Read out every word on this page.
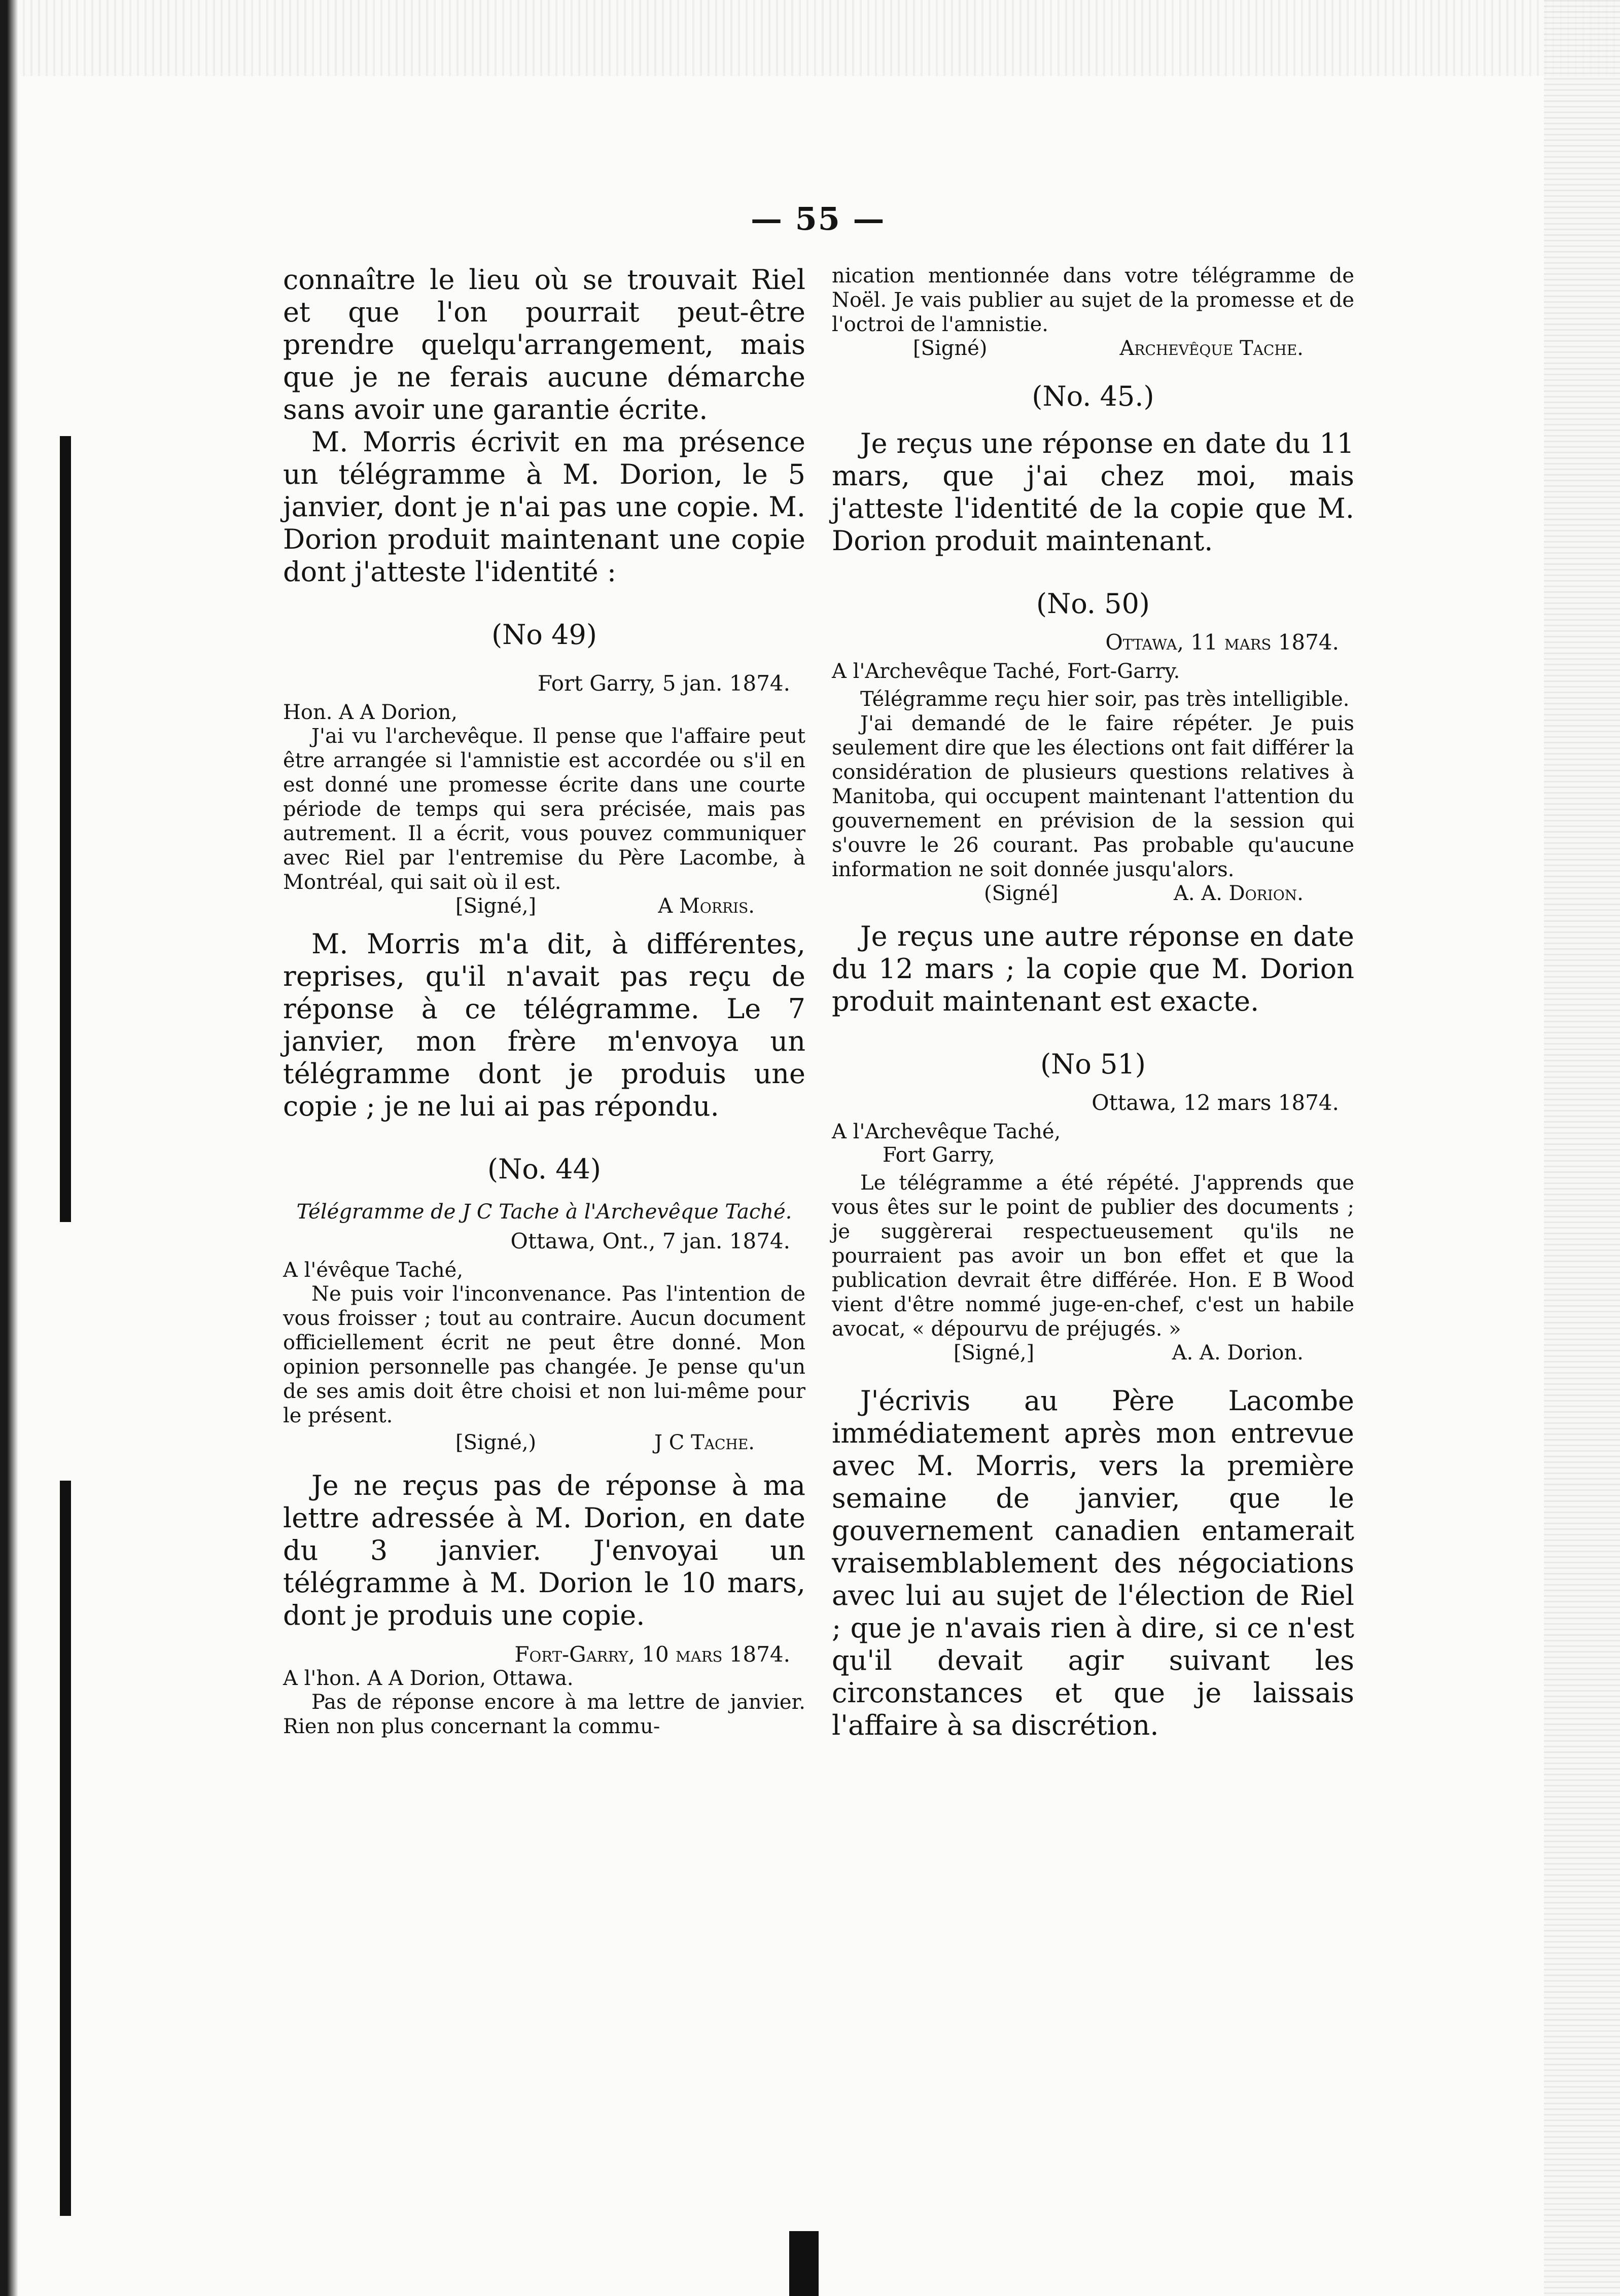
— 55 —

connaître le lieu où se trouvait Riel et que l'on pourrait peut-être prendre quelqu'arrangement, mais que je ne ferais aucune démarche sans avoir une garantie écrite.

M. Morris écrivit en ma présence un télégramme à M. Dorion, le 5 janvier, dont je n'ai pas une copie. M. Dorion produit maintenant une copie dont j'atteste l'identité :

(No 49)

Fort Garry, 5 jan. 1874.

Hon. A A Dorion,

J'ai vu l'archevêque. Il pense que l'affaire peut être arrangée si l'amnistie est accordée ou s'il en est donné une promesse écrite dans une courte période de temps qui sera précisée, mais pas autrement. Il a écrit, vous pouvez communiquer avec Riel par l'entremise du Père Lacombe, à Montréal, qui sait où il est.

[Signé,]	A Morris.

M. Morris m'a dit, à différentes, reprises, qu'il n'avait pas reçu de réponse à ce télégramme. Le 7 janvier, mon frère m'envoya un télégramme dont je produis une copie ; je ne lui ai pas répondu.

(No. 44)

Télégramme de J C Tache à l'Archevêque Taché.

Ottawa, Ont., 7 jan. 1874.

A l'évêque Taché,

Ne puis voir l'inconvenance. Pas l'intention de vous froisser ; tout au contraire. Aucun document officiellement écrit ne peut être donné. Mon opinion personnelle pas changée. Je pense qu'un de ses amis doit être choisi et non lui-même pour le présent.

[Signé,)	J C Tache.

Je ne reçus pas de réponse à ma lettre adressée à M. Dorion, en date du 3 janvier. J'envoyai un télégramme à M. Dorion le 10 mars, dont je produis une copie.

Fort-Garry, 10 mars 1874.

A l'hon. A A Dorion, Ottawa.

Pas de réponse encore à ma lettre de janvier. Rien non plus concernant la commu-

nication mentionnée dans votre télégramme de Noël. Je vais publier au sujet de la promesse et de l'octroi de l'amnistie.

[Signé)	Archevêque Tache.

(No. 45.)

Je reçus une réponse en date du 11 mars, que j'ai chez moi, mais j'atteste l'identité de la copie que M. Dorion produit maintenant.

(No. 50)

Ottawa, 11 mars 1874.

A l'Archevêque Taché, Fort-Garry.

Télégramme reçu hier soir, pas très intelligible.

J'ai demandé de le faire répéter. Je puis seulement dire que les élections ont fait différer la considération de plusieurs questions relatives à Manitoba, qui occupent maintenant l'attention du gouvernement en prévision de la session qui s'ouvre le 26 courant. Pas probable qu'aucune information ne soit donnée jusqu'alors.

(Signé]	A. A. Dorion.

Je reçus une autre réponse en date du 12 mars ; la copie que M. Dorion produit maintenant est exacte.

(No 51)

Ottawa, 12 mars 1874.

A l'Archevêque Taché,

Fort Garry,

Le télégramme a été répété. J'apprends que vous êtes sur le point de publier des documents ; je suggèrerai respectueusement qu'ils ne pourraient pas avoir un bon effet et que la publication devrait être différée. Hon. E B Wood vient d'être nommé juge-en-chef, c'est un habile avocat, « dépourvu de préjugés. »

[Signé,]	A. A. Dorion.

J'écrivis au Père Lacombe immédiatement après mon entrevue avec M. Morris, vers la première semaine de janvier, que le gouvernement canadien entamerait vraisemblablement des négociations avec lui au sujet de l'élection de Riel ; que je n'avais rien à dire, si ce n'est qu'il devait agir suivant les circonstances et que je laissais l'affaire à sa discrétion.
